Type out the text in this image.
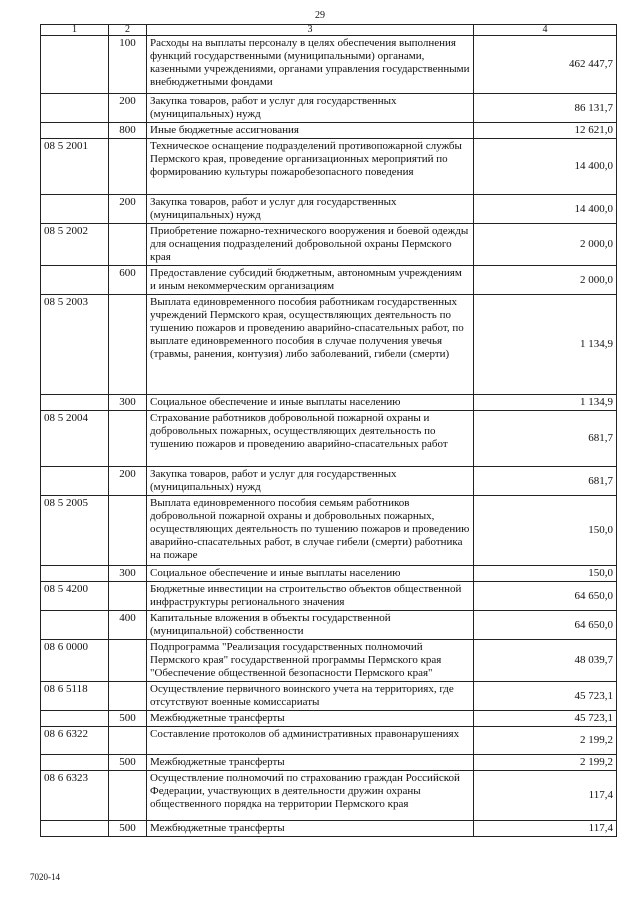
29
1	2	3	4
	100	Расходы на выплаты персоналу в целях обеспечения выполнения функций государственными (муниципальными) органами, казенными учреждениями, органами управления государственными внебюджетными фондами	462 447,7
	200	Закупка товаров, работ и услуг для государственных (муниципальных) нужд	86 131,7
	800	Иные бюджетные ассигнования	12 621,0
08 5 2001		Техническое оснащение подразделений противопожарной службы Пермского края, проведение организационных мероприятий по формированию культуры пожаробезопасного поведения	14 400,0
	200	Закупка товаров, работ и услуг для государственных (муниципальных) нужд	14 400,0
08 5 2002		Приобретение пожарно-технического вооружения и боевой одежды для оснащения подразделений добровольной охраны Пермского края	2 000,0
	600	Предоставление субсидий бюджетным, автономным учреждениям и иным некоммерческим организациям	2 000,0
08 5 2003		Выплата единовременного пособия работникам государственных учреждений Пермского края, осуществляющих деятельность по тушению пожаров и проведению аварийно-спасательных работ, по выплате единовременного пособия в случае получения увечья (травмы, ранения, контузия) либо заболеваний, гибели (смерти)	1 134,9
	300	Социальное обеспечение и иные выплаты населению	1 134,9
08 5 2004		Страхование работников добровольной пожарной охраны и добровольных пожарных, осуществляющих деятельность по тушению пожаров и проведению аварийно-спасательных работ	681,7
	200	Закупка товаров, работ и услуг для государственных (муниципальных) нужд	681,7
08 5 2005		Выплата единовременного пособия семьям работников добровольной пожарной охраны и добровольных пожарных, осуществляющих деятельность по тушению пожаров и проведению аварийно-спасательных работ, в случае гибели (смерти) работника на пожаре	150,0
	300	Социальное обеспечение и иные выплаты населению	150,0
08 5 4200		Бюджетные инвестиции на строительство объектов общественной инфраструктуры регионального значения	64 650,0
	400	Капитальные вложения в объекты государственной (муниципальной) собственности	64 650,0
08 6 0000		Подпрограмма "Реализация государственных полномочий Пермского края" государственной программы Пермского края "Обеспечение общественной безопасности Пермского края"	48 039,7
08 6 5118		Осуществление первичного воинского учета на территориях, где отсутствуют военные комиссариаты	45 723,1
	500	Межбюджетные трансферты	45 723,1
08 6 6322		Составление протоколов об административных правонарушениях	2 199,2
	500	Межбюджетные трансферты	2 199,2
08 6 6323		Осуществление полномочий по страхованию граждан Российской Федерации, участвующих в деятельности дружин охраны общественного порядка на территории Пермского края	117,4
	500	Межбюджетные трансферты	117,4
7020-14
